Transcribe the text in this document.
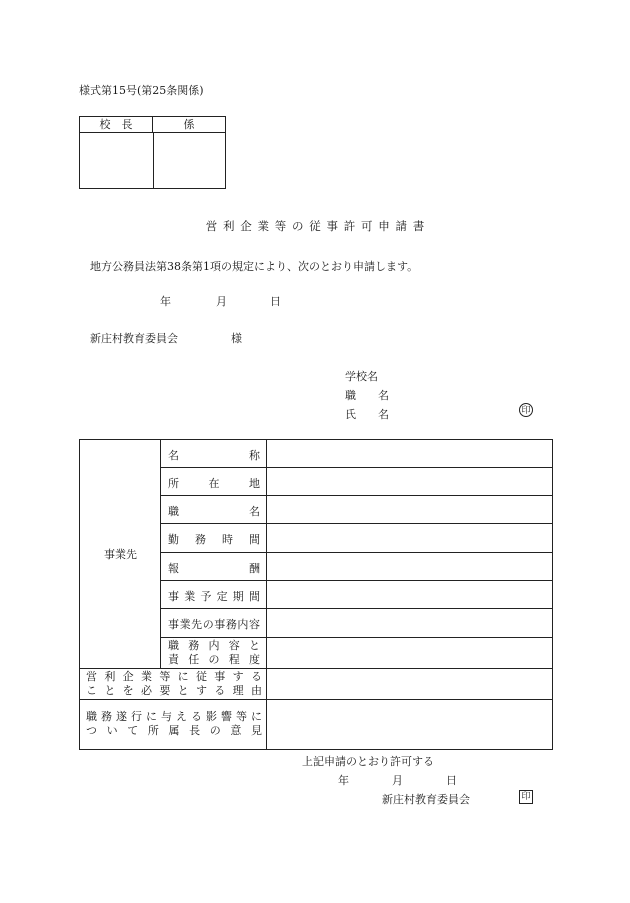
様式第15号(第25条関係)
校　長	係
営 利 企 業 等 の 従 事 許 可 申 請 書
地方公務員法第38条第1項の規定により、次のとおり申請します。
年	月	日
新庄村教育委員会	様
学校名
職　　名
氏　　名	印
事業先
名	称
所	在	地
職	名
勤 務 時 間
報	酬
事 業 予 定 期 間
事 業 先 の 事 務 内 容
職 務 内 容 と
責 任 の 程 度
営 利 企 業 等 に 従 事 す る
こ と を 必 要 と す る 理 由
職 務 遂 行 に 与 え る 影 響 等 に
つ い て 所 属 長 の 意 見
上記申請のとおり許可する
年	月	日
新庄村教育委員会	印
